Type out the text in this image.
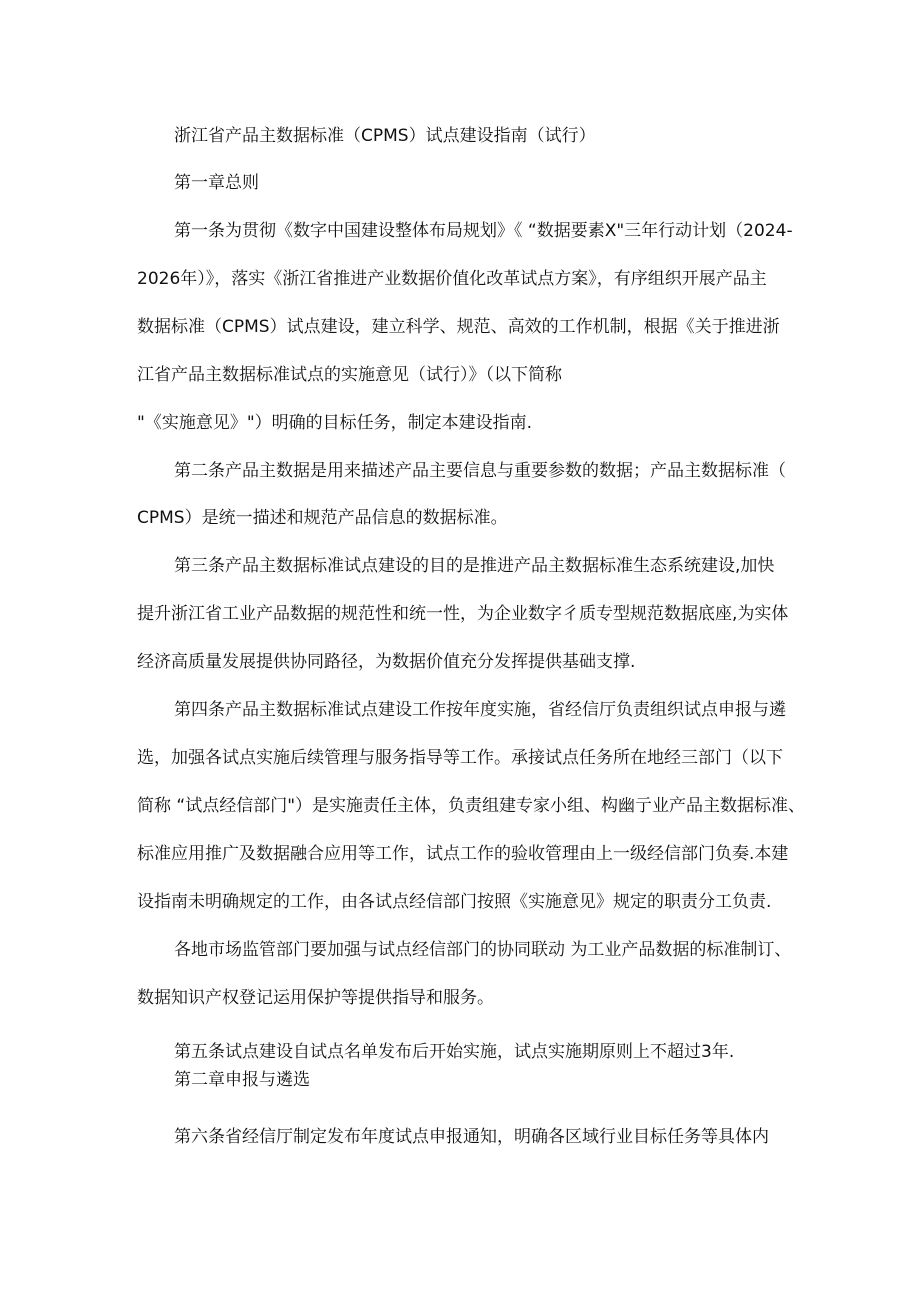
浙江省产品主数据标准（CPMS）试点建设指南（试行）
第一章总则
第一条为贯彻《数字中国建设整体布局规划》《 “数据要素X"三年行动计划（2024-
2026年）》，落实《浙江省推进产业数据价值化改革试点方案》，有序组织开展产品主
数据标准（CPMS）试点建设，建立科学、规范、高效的工作机制，根据《关于推进浙
江省产品主数据标准试点的实施意见（试行）》（以下简称
"《实施意见》"）明确的目标任务，制定本建设指南.
第二条产品主数据是用来描述产品主要信息与重要参数的数据；产品主数据标准（
CPMS）是统一描述和规范产品信息的数据标准。
第三条产品主数据标准试点建设的目的是推进产品主数据标准生态系统建设,加快
提升浙江省工业产品数据的规范性和统一性，为企业数字彳质专型规范数据底座,为实体
经济高质量发展提供协同路径，为数据价值充分发挥提供基础支撑.
第四条产品主数据标准试点建设工作按年度实施，省经信厅负责组织试点申报与遴
选，加强各试点实施后续管理与服务指导等工作。承接试点任务所在地经三部门（以下
简称 “试点经信部门"）是实施责任主体，负责组建专家小组、构幽亍业产品主数据标准、
标准应用推广及数据融合应用等工作，试点工作的验收管理由上一级经信部门负奏.本建
设指南未明确规定的工作，由各试点经信部门按照《实施意见》规定的职责分工负责.
各地市场监管部门要加强与试点经信部门的协同联动 为工业产品数据的标准制订、
数据知识产权登记运用保护等提供指导和服务。
第五条试点建设自试点名单发布后开始实施，试点实施期原则上不超过3年.
第二章申报与遴选
第六条省经信厅制定发布年度试点申报通知，明确各区域行业目标任务等具体内
